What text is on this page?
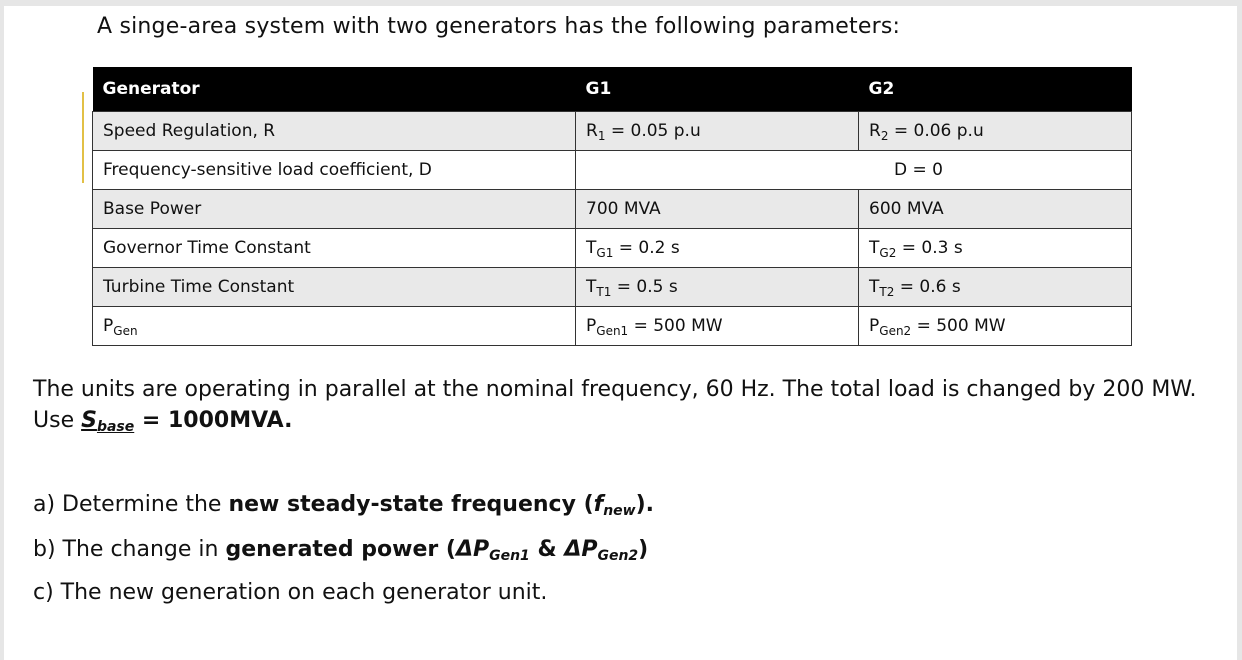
A singe-area system with two generators has the following parameters:
Generator	G1	G2
Speed Regulation, R	$R_1 = 0.05$ p.u	$R_2 = 0.06$ p.u
Frequency-sensitive load coefficient, D	D = 0	
Base Power	700 MVA	600 MVA
Governor Time Constant	$T_{G1} = 0.2$ s	$T_{G2} = 0.3$ s
Turbine Time Constant	$T_{T1} = 0.5$ s	$T_{T2} = 0.6$ s
$P_{Gen}$	$P_{Gen1} = 500$ MW	$P_{Gen2} = 500$ MW
The units are operating in parallel at the nominal frequency, 60 Hz. The total load is changed by 200 MW. Use $S_{base} = 1000MVA$.
a) Determine the new steady-state frequency $(f_{new})$.
b) The change in generated power ($\Delta P_{Gen1}$ & $\Delta P_{Gen2}$)
c) The new generation on each generator unit.
